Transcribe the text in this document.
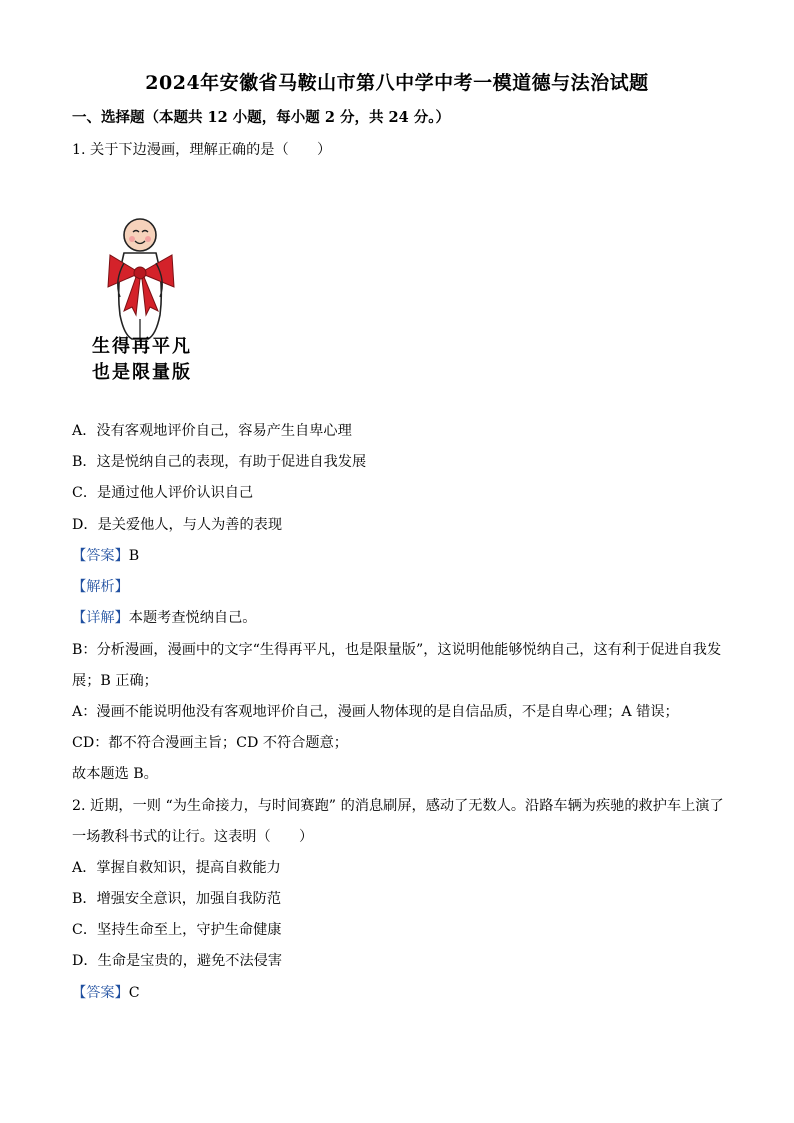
2024年安徽省马鞍山市第八中学中考一模道德与法治试题
一、选择题（本题共 12 小题，每小题 2 分，共 24 分。）
1. 关于下边漫画，理解正确的是（　　）
生得再平凡
也是限量版
A．没有客观地评价自己，容易产生自卑心理
B．这是悦纳自己的表现，有助于促进自我发展
C．是通过他人评价认识自己
D．是关爱他人，与人为善的表现
【答案】B
【解析】
【详解】本题考查悦纳自己。
B：分析漫画，漫画中的文字“生得再平凡，也是限量版”，这说明他能够悦纳自己，这有利于促进自我发
展；B 正确；
A：漫画不能说明他没有客观地评价自己，漫画人物体现的是自信品质，不是自卑心理；A 错误；
CD：都不符合漫画主旨；CD 不符合题意；
故本题选 B。
2. 近期，一则 “为生命接力，与时间赛跑” 的消息刷屏，感动了无数人。沿路车辆为疾驰的救护车上演了
一场教科书式的让行。这表明（　　）
A．掌握自救知识，提高自救能力
B．增强安全意识，加强自我防范
C．坚持生命至上，守护生命健康
D．生命是宝贵的，避免不法侵害
【答案】C
